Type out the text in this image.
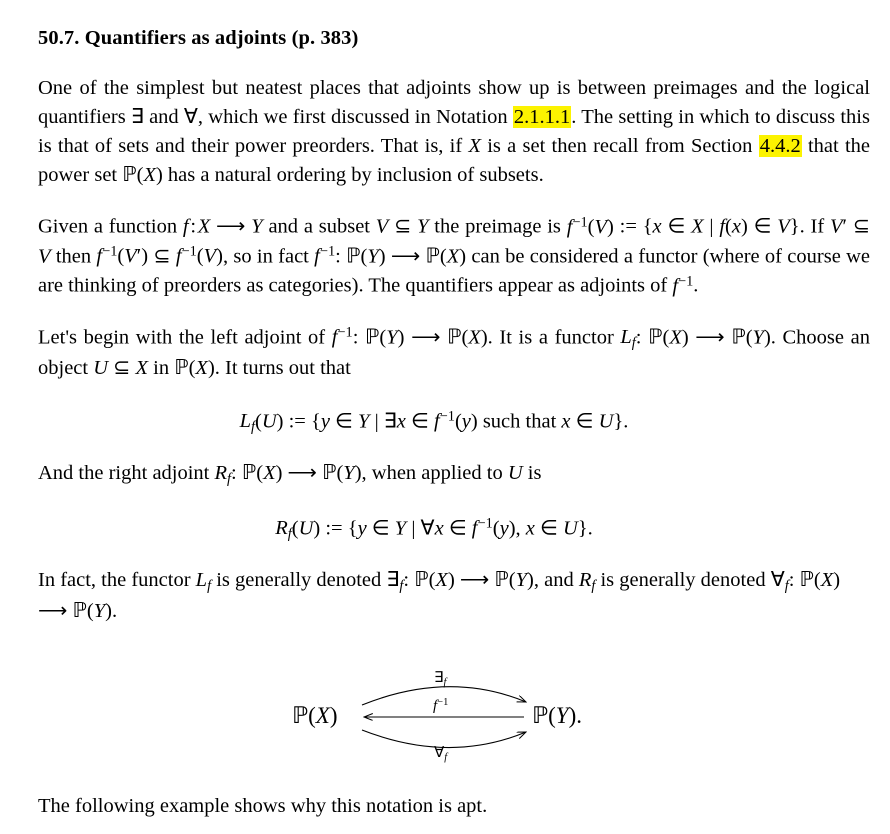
50.7. Quantifiers as adjoints (p. 383)

One of the simplest but neatest places that adjoints show up is between preimages and the logical quantifiers ∃ and ∀, which we first discussed in Notation 2.1.1.1. The setting in which to discuss this is that of sets and their power preorders. That is, if X is a set then recall from Section 4.4.2 that the power set ℙ(X) has a natural ordering by inclusion of subsets.

Given a function f : X ⟶ Y and a subset V ⊆ Y the preimage is $f^{-1}(V)$ := {x ∈ X | f(x) ∈ V}. If V′ ⊆ V then $f^{-1}(V')$ ⊆ $f^{-1}(V)$, so in fact $f^{-1}$: ℙ(Y) ⟶ ℙ(X) can be considered a functor (where of course we are thinking of preorders as categories). The quantifiers appear as adjoints of $f^{-1}$.

Let's begin with the left adjoint of $f^{-1}$: ℙ(Y) ⟶ ℙ(X). It is a functor $L_f$: ℙ(X) ⟶ ℙ(Y). Choose an object U ⊆ X in ℙ(X). It turns out that

$L_f(U)$ := {y ∈ Y | ∃x ∈ $f^{-1}(y)$ such that x ∈ U}.

And the right adjoint $R_f$: ℙ(X) ⟶ ℙ(Y), when applied to U is

$R_f(U)$ := {y ∈ Y | ∀x ∈ $f^{-1}(y)$, x ∈ U}.

In fact, the functor $L_f$ is generally denoted $\exists_f$: ℙ(X) ⟶ ℙ(Y), and $R_f$ is generally denoted $\forall_f$: ℙ(X) ⟶ ℙ(Y).

ℙ(X)	ℙ(Y).
$\exists_f$
$f^{-1}$
$\forall_f$

The following example shows why this notation is apt.
